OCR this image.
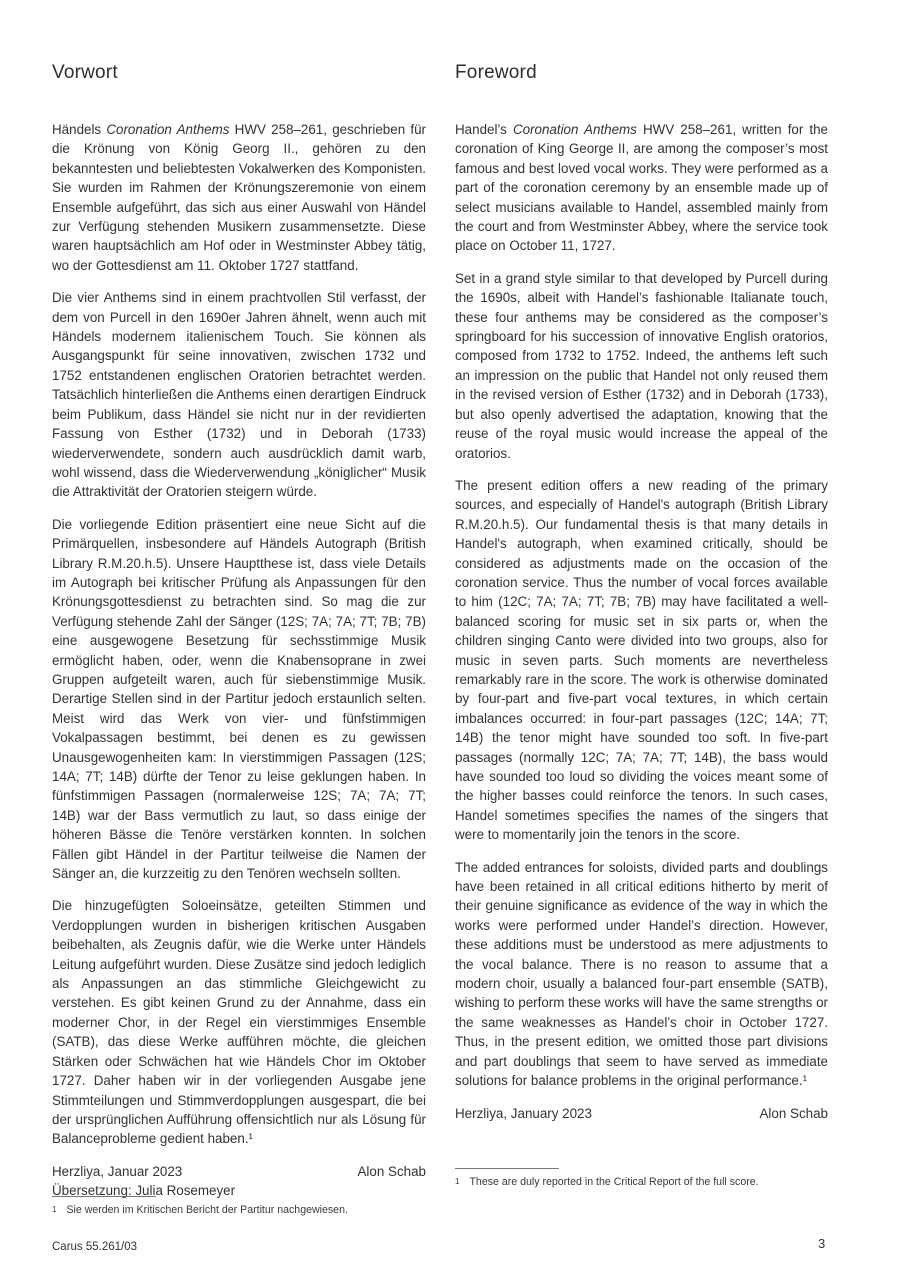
Vorwort

Händels Coronation Anthems HWV 258–261, geschrieben für die Krönung von König Georg II., gehören zu den bekanntesten und beliebtesten Vokalwerken des Komponisten. Sie wurden im Rahmen der Krönungszeremonie von einem Ensemble aufgeführt, das sich aus einer Auswahl von Händel zur Verfügung stehenden Musikern zusammensetzte. Diese waren hauptsächlich am Hof oder in Westminster Abbey tätig, wo der Gottesdienst am 11. Oktober 1727 stattfand.

Die vier Anthems sind in einem prachtvollen Stil verfasst, der dem von Purcell in den 1690er Jahren ähnelt, wenn auch mit Händels modernem italienischem Touch. Sie können als Ausgangspunkt für seine innovativen, zwischen 1732 und 1752 entstandenen englischen Oratorien betrachtet werden. Tatsächlich hinterließen die Anthems einen derartigen Eindruck beim Publikum, dass Händel sie nicht nur in der revidierten Fassung von Esther (1732) und in Deborah (1733) wiederverwendete, sondern auch ausdrücklich damit warb, wohl wissend, dass die Wiederverwendung „königlicher“ Musik die Attraktivität der Oratorien steigern würde.

Die vorliegende Edition präsentiert eine neue Sicht auf die Primärquellen, insbesondere auf Händels Autograph (British Library R.M.20.h.5). Unsere Hauptthese ist, dass viele Details im Autograph bei kritischer Prüfung als Anpassungen für den Krönungsgottesdienst zu betrachten sind. So mag die zur Verfügung stehende Zahl der Sänger (12S; 7A; 7A; 7T; 7B; 7B) eine ausgewogene Besetzung für sechsstimmige Musik ermöglicht haben, oder, wenn die Knabensoprane in zwei Gruppen aufgeteilt waren, auch für siebenstimmige Musik. Derartige Stellen sind in der Partitur jedoch erstaunlich selten. Meist wird das Werk von vier- und fünfstimmigen Vokalpassagen bestimmt, bei denen es zu gewissen Unausgewogenheiten kam: In vierstimmigen Passagen (12S; 14A; 7T; 14B) dürfte der Tenor zu leise geklungen haben. In fünfstimmigen Passagen (normalerweise 12S; 7A; 7A; 7T; 14B) war der Bass vermutlich zu laut, so dass einige der höheren Bässe die Tenöre verstärken konnten. In solchen Fällen gibt Händel in der Partitur teilweise die Namen der Sänger an, die kurzzeitig zu den Tenören wechseln sollten.

Die hinzugefügten Soloeinsätze, geteilten Stimmen und Verdopplungen wurden in bisherigen kritischen Ausgaben beibehalten, als Zeugnis dafür, wie die Werke unter Händels Leitung aufgeführt wurden. Diese Zusätze sind jedoch lediglich als Anpassungen an das stimmliche Gleichgewicht zu verstehen. Es gibt keinen Grund zu der Annahme, dass ein moderner Chor, in der Regel ein vierstimmiges Ensemble (SATB), das diese Werke aufführen möchte, die gleichen Stärken oder Schwächen hat wie Händels Chor im Oktober 1727. Daher haben wir in der vorliegenden Ausgabe jene Stimmteilungen und Stimmverdopplungen ausgespart, die bei der ursprünglichen Aufführung offensichtlich nur als Lösung für Balanceprobleme gedient haben.¹

Herzliya, Januar 2023	Alon Schab
Übersetzung: Julia Rosemeyer
Foreword

Handel’s Coronation Anthems HWV 258–261, written for the coronation of King George II, are among the composer’s most famous and best loved vocal works. They were performed as a part of the coronation ceremony by an ensemble made up of select musicians available to Handel, assembled mainly from the court and from Westminster Abbey, where the service took place on October 11, 1727.

Set in a grand style similar to that developed by Purcell during the 1690s, albeit with Handel’s fashionable Italianate touch, these four anthems may be considered as the composer’s springboard for his succession of innovative English oratorios, composed from 1732 to 1752. Indeed, the anthems left such an impression on the public that Handel not only reused them in the revised version of Esther (1732) and in Deborah (1733), but also openly advertised the adaptation, knowing that the reuse of the royal music would increase the appeal of the oratorios.

The present edition offers a new reading of the primary sources, and especially of Handel's autograph (British Library R.M.20.h.5). Our fundamental thesis is that many details in Handel's autograph, when examined critically, should be considered as adjustments made on the occasion of the coronation service. Thus the number of vocal forces available to him (12C; 7A; 7A; 7T; 7B; 7B) may have facilitated a well-balanced scoring for music set in six parts or, when the children singing Canto were divided into two groups, also for music in seven parts. Such moments are nevertheless remarkably rare in the score. The work is otherwise dominated by four-part and five-part vocal textures, in which certain imbalances occurred: in four-part passages (12C; 14A; 7T; 14B) the tenor might have sounded too soft. In five-part passages (normally 12C; 7A; 7A; 7T; 14B), the bass would have sounded too loud so dividing the voices meant some of the higher basses could reinforce the tenors. In such cases, Handel sometimes specifies the names of the singers that were to momentarily join the tenors in the score.

The added entrances for soloists, divided parts and doublings have been retained in all critical editions hitherto by merit of their genuine significance as evidence of the way in which the works were performed under Handel’s direction. However, these additions must be understood as mere adjustments to the vocal balance. There is no reason to assume that a modern choir, usually a balanced four-part ensemble (SATB), wishing to perform these works will have the same strengths or the same weaknesses as Handel’s choir in October 1727. Thus, in the present edition, we omitted those part divisions and part doublings that seem to have served as immediate solutions for balance problems in the original performance.¹

Herzliya, January 2023	Alon Schab
1 Sie werden im Kritischen Bericht der Partitur nachgewiesen.
1 These are duly reported in the Critical Report of the full score.
Carus 55.261/03	3
